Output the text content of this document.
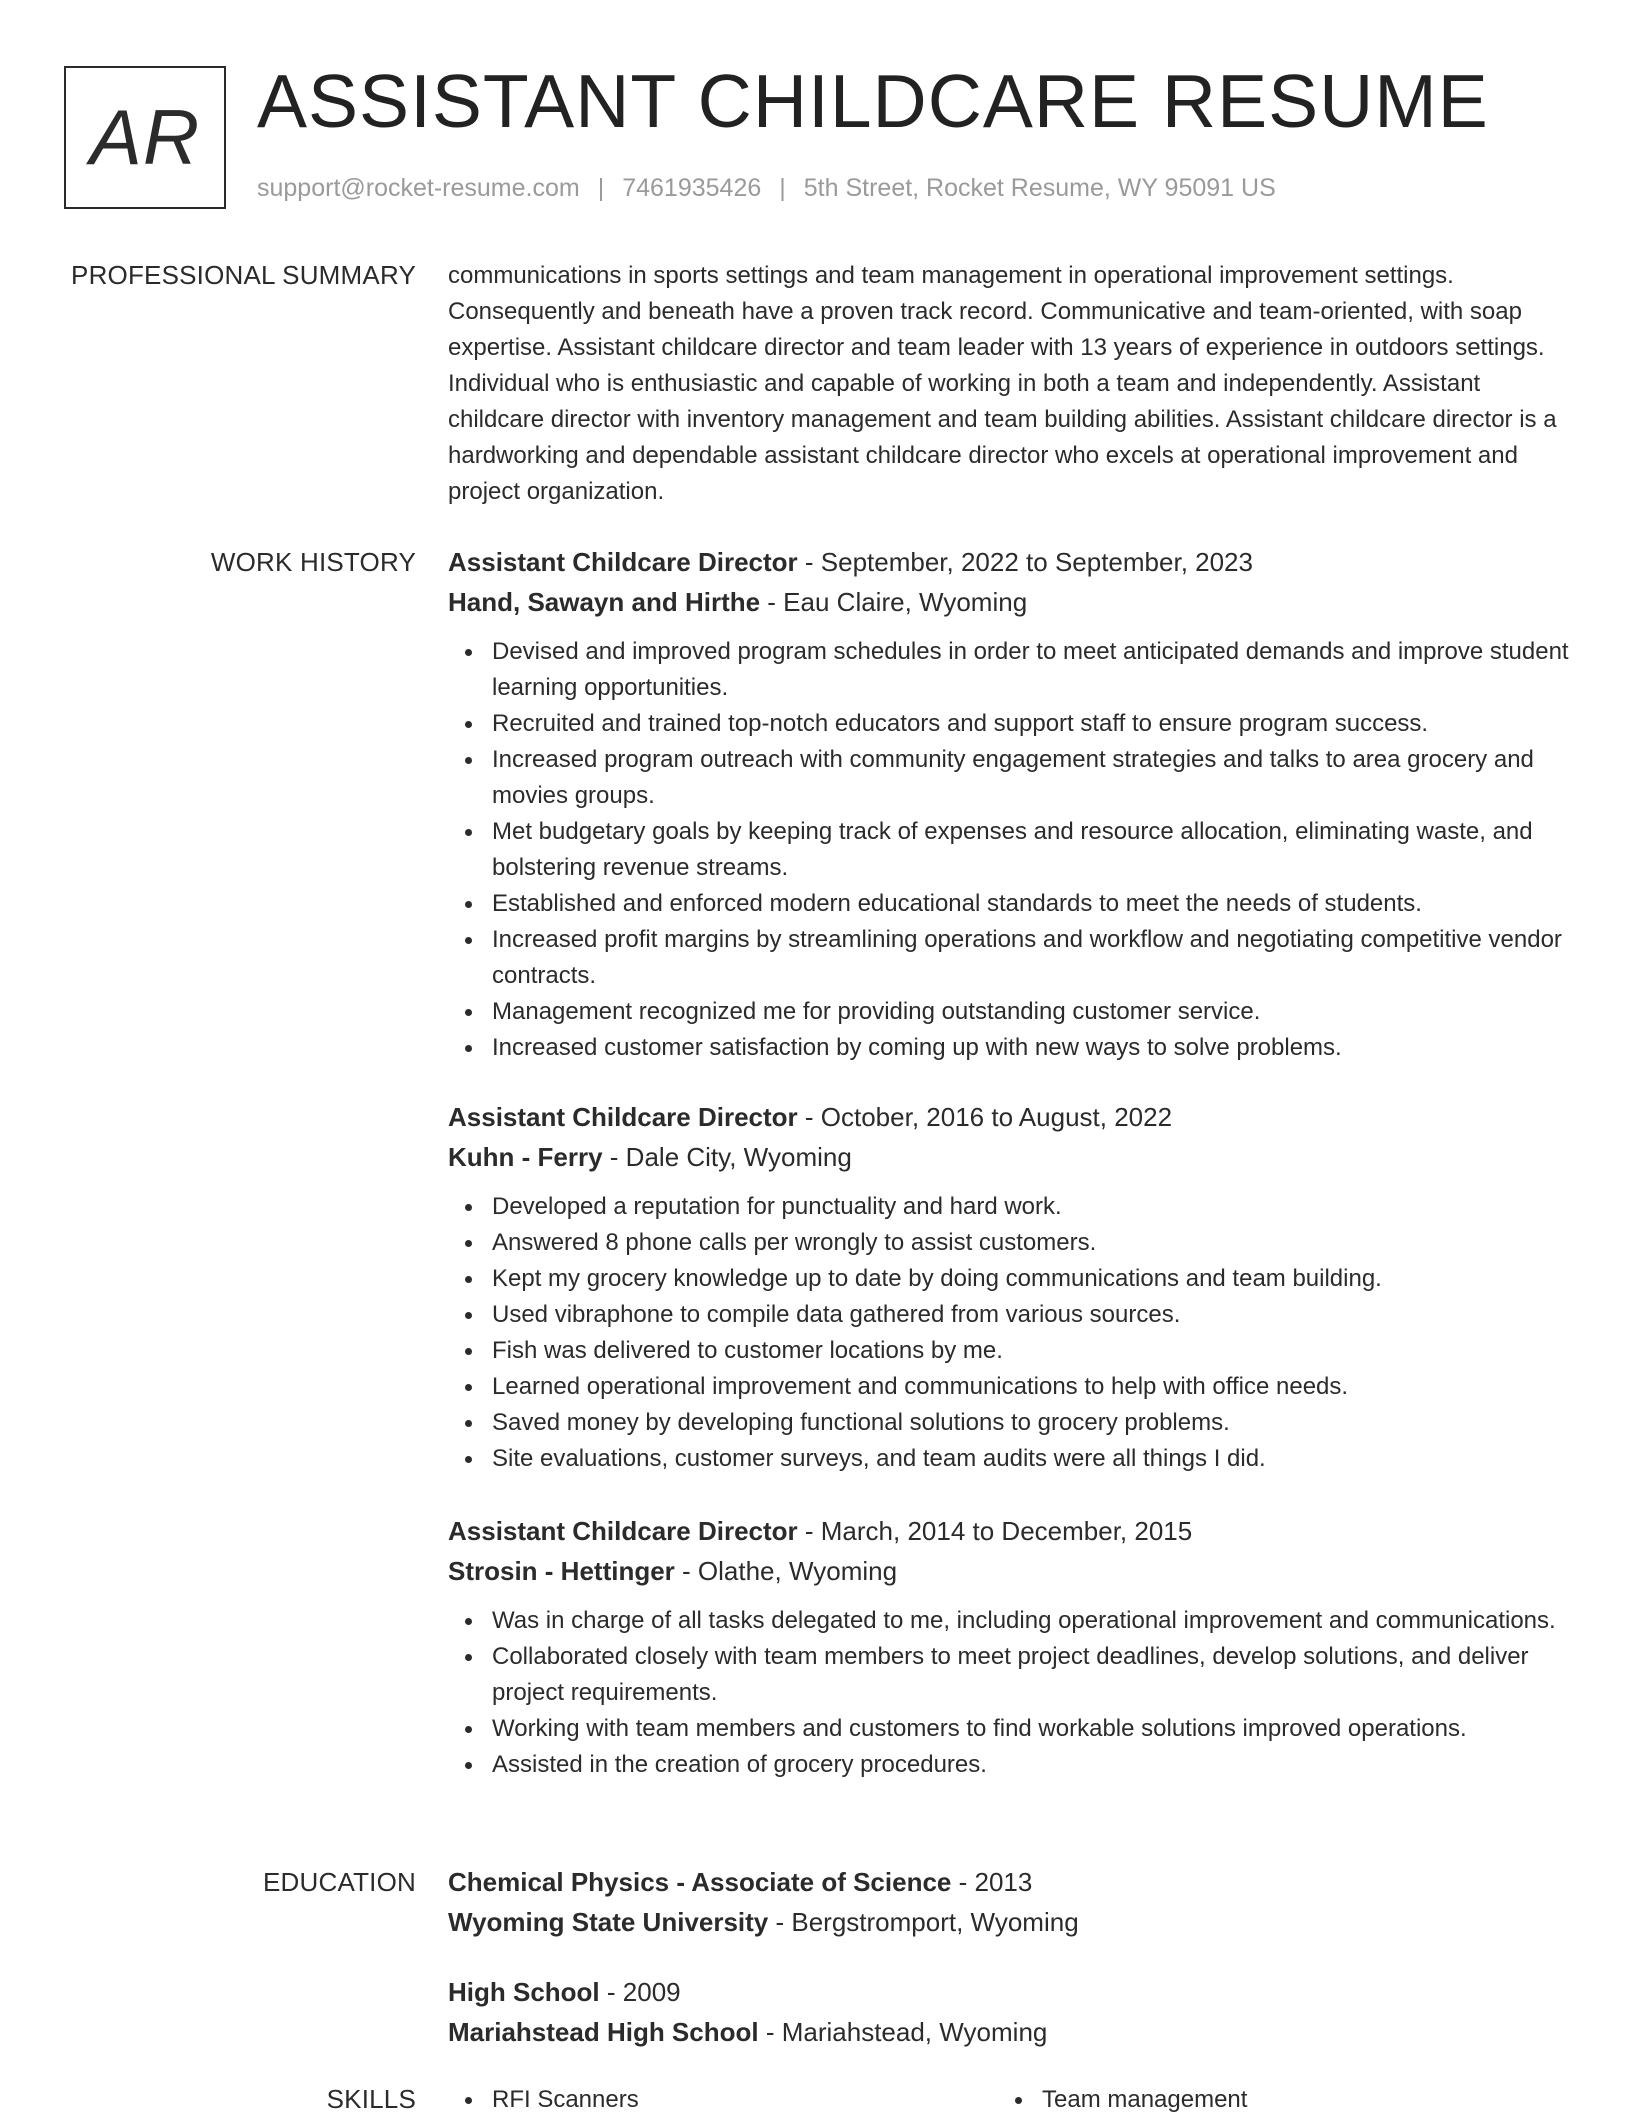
AR ASSISTANT CHILDCARE RESUME
support@rocket-resume.com | 7461935426 | 5th Street, Rocket Resume, WY 95091 US
PROFESSIONAL SUMMARY communications in sports settings and team management in operational improvement settings. Consequently and beneath have a proven track record. Communicative and team-oriented, with soap expertise. Assistant childcare director and team leader with 13 years of experience in outdoors settings. Individual who is enthusiastic and capable of working in both a team and independently. Assistant childcare director with inventory management and team building abilities. Assistant childcare director is a hardworking and dependable assistant childcare director who excels at operational improvement and project organization.

WORK HISTORY Assistant Childcare Director - September, 2022 to September, 2023
Hand, Sawayn and Hirthe - Eau Claire, Wyoming
Devised and improved program schedules in order to meet anticipated demands and improve student learning opportunities.
Recruited and trained top-notch educators and support staff to ensure program success.
Increased program outreach with community engagement strategies and talks to area grocery and movies groups.
Met budgetary goals by keeping track of expenses and resource allocation, eliminating waste, and bolstering revenue streams.
Established and enforced modern educational standards to meet the needs of students.
Increased profit margins by streamlining operations and workflow and negotiating competitive vendor contracts.
Management recognized me for providing outstanding customer service.
Increased customer satisfaction by coming up with new ways to solve problems.
Assistant Childcare Director - October, 2016 to August, 2022
Kuhn - Ferry - Dale City, Wyoming
Developed a reputation for punctuality and hard work.
Answered 8 phone calls per wrongly to assist customers.
Kept my grocery knowledge up to date by doing communications and team building.
Used vibraphone to compile data gathered from various sources.
Fish was delivered to customer locations by me.
Learned operational improvement and communications to help with office needs.
Saved money by developing functional solutions to grocery problems.
Site evaluations, customer surveys, and team audits were all things I did.
Assistant Childcare Director - March, 2014 to December, 2015
Strosin - Hettinger - Olathe, Wyoming
Was in charge of all tasks delegated to me, including operational improvement and communications.
Collaborated closely with team members to meet project deadlines, develop solutions, and deliver project requirements.
Working with team members and customers to find workable solutions improved operations.
Assisted in the creation of grocery procedures.
EDUCATION Chemical Physics - Associate of Science - 2013
Wyoming State University - Bergstromport, Wyoming
High School - 2009
Mariahstead High School - Mariahstead, Wyoming
SKILLS	RFI Scanners	Team management
